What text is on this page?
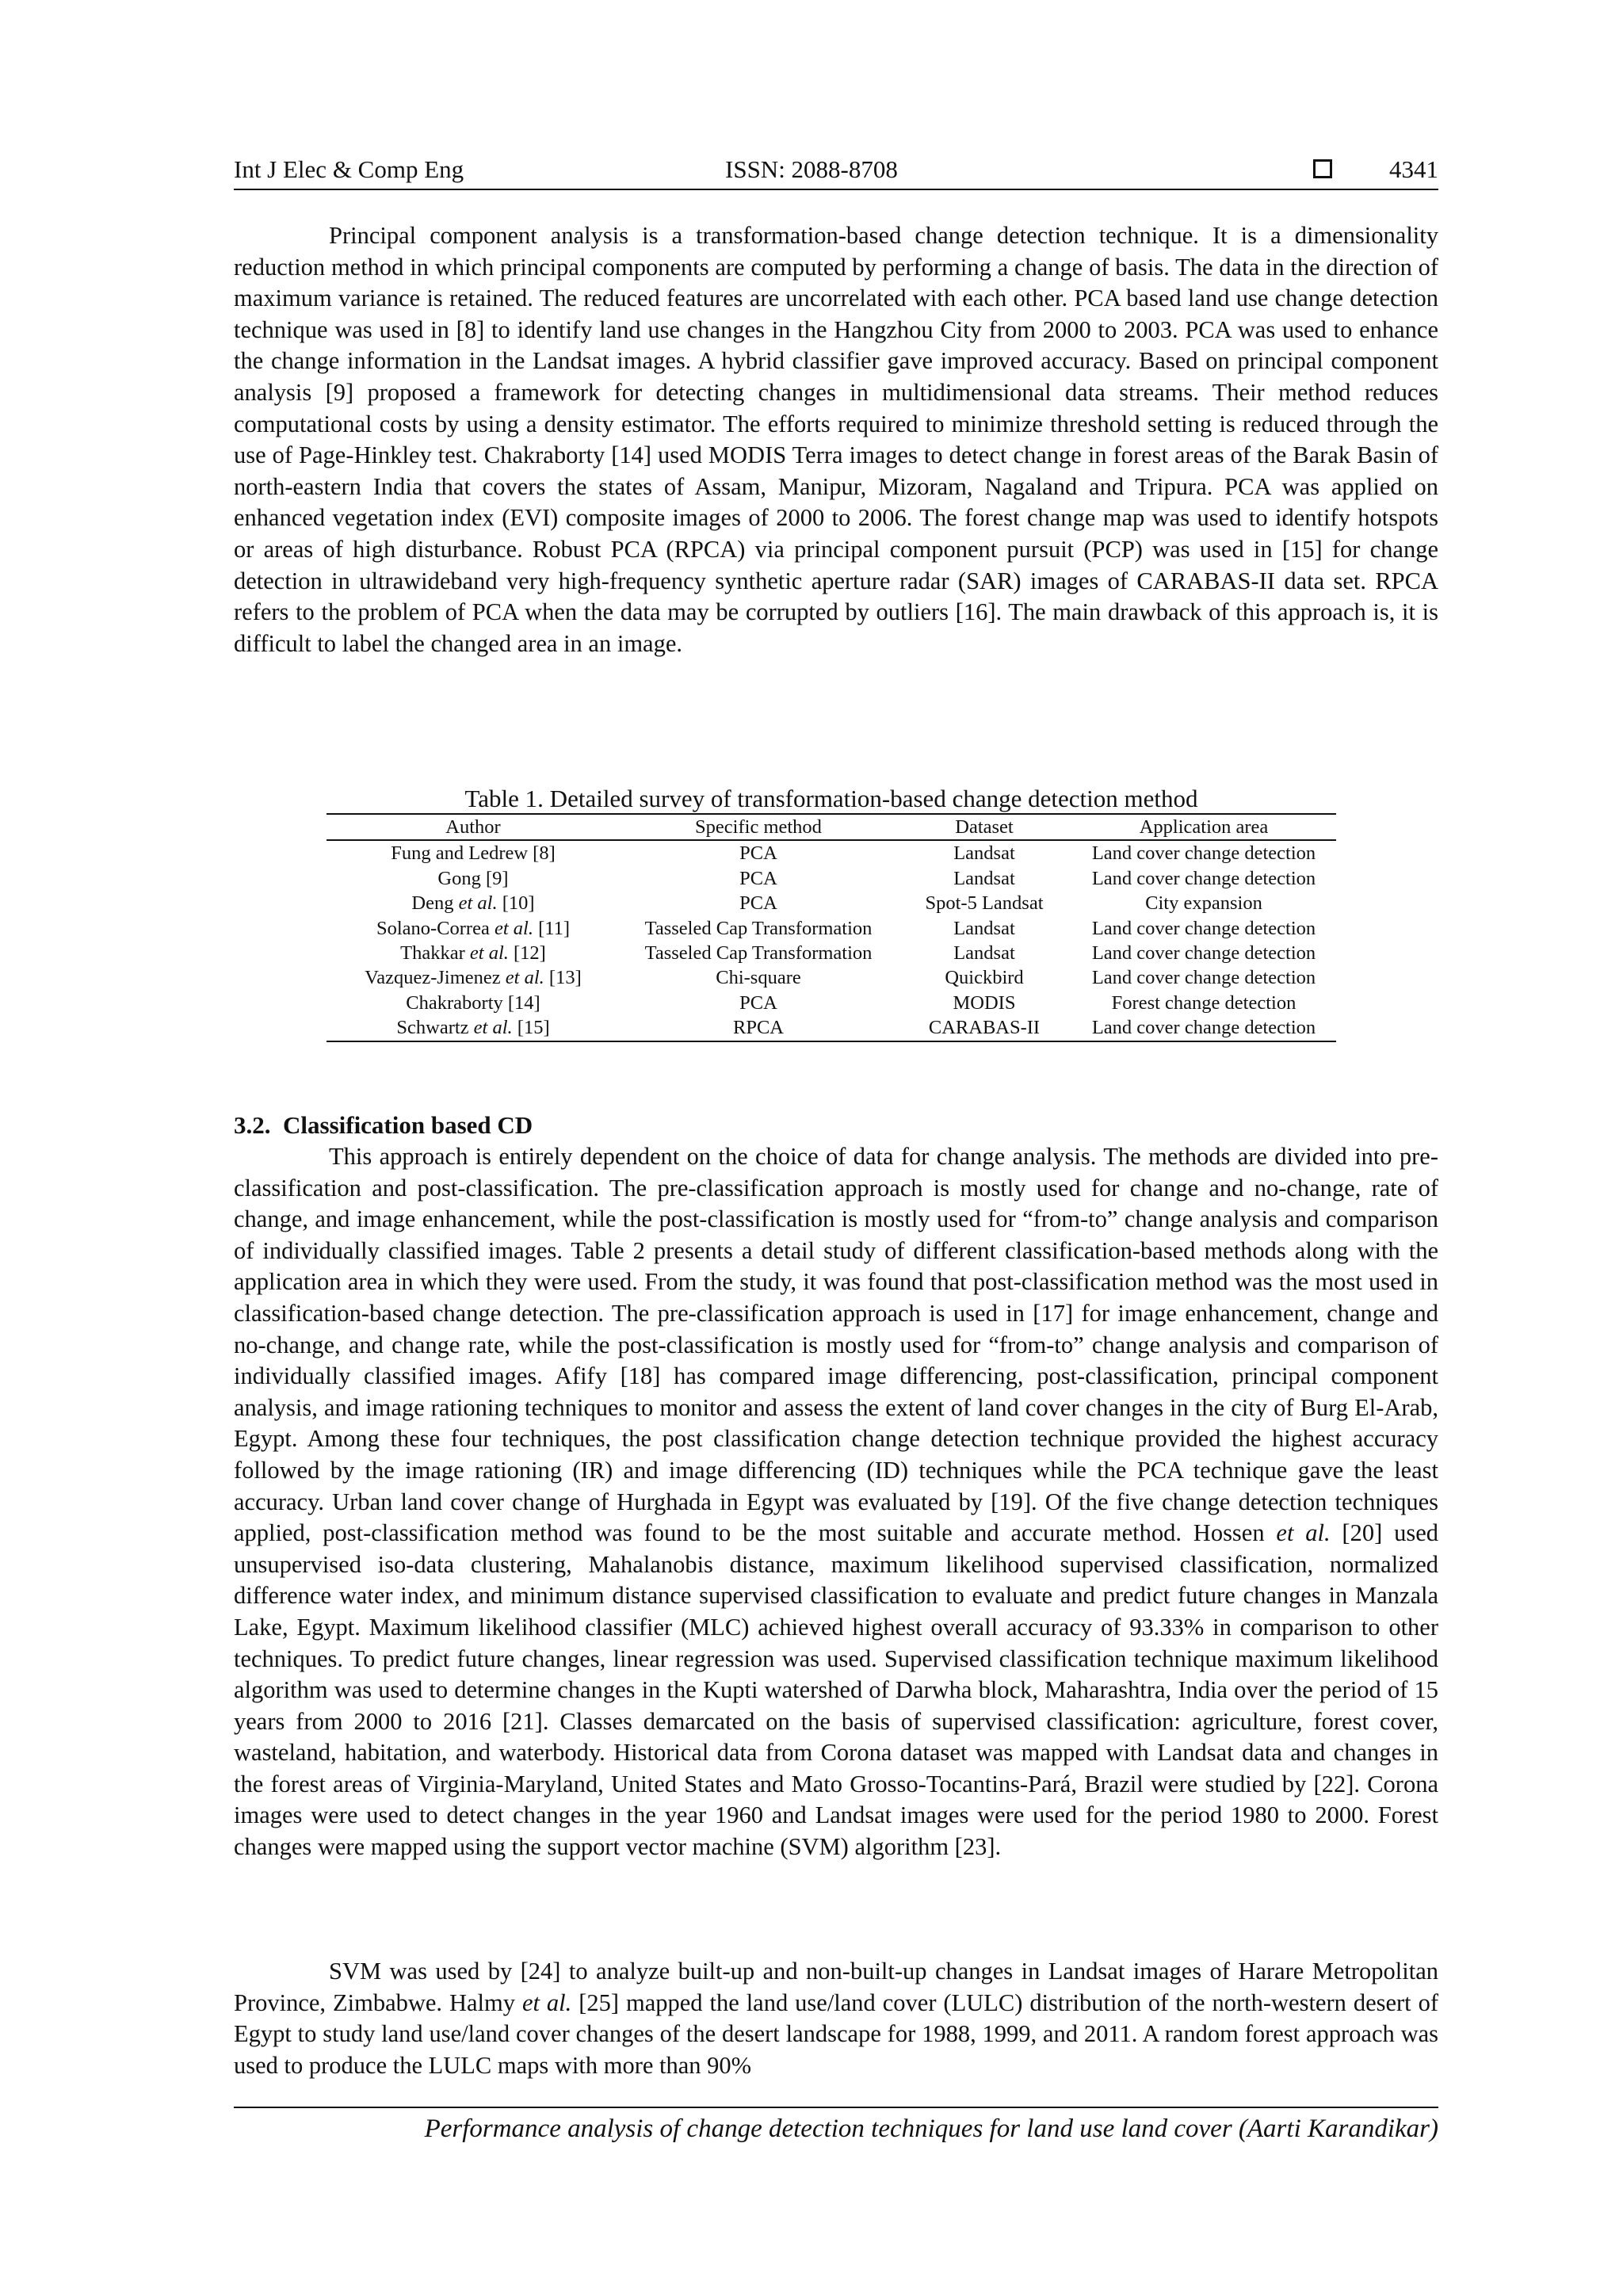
Int J Elec & Comp Eng	ISSN: 2088-8708	4341

Principal component analysis is a transformation-based change detection technique. It is a dimensionality reduction method in which principal components are computed by performing a change of basis. The data in the direction of maximum variance is retained. The reduced features are uncorrelated with each other. PCA based land use change detection technique was used in [8] to identify land use changes in the Hangzhou City from 2000 to 2003. PCA was used to enhance the change information in the Landsat images. A hybrid classifier gave improved accuracy. Based on principal component analysis [9] proposed a framework for detecting changes in multidimensional data streams. Their method reduces computational costs by using a density estimator. The efforts required to minimize threshold setting is reduced through the use of Page-Hinkley test. Chakraborty [14] used MODIS Terra images to detect change in forest areas of the Barak Basin of north-eastern India that covers the states of Assam, Manipur, Mizoram, Nagaland and Tripura. PCA was applied on enhanced vegetation index (EVI) composite images of 2000 to 2006. The forest change map was used to identify hotspots or areas of high disturbance. Robust PCA (RPCA) via principal component pursuit (PCP) was used in [15] for change detection in ultrawideband very high-frequency synthetic aperture radar (SAR) images of CARABAS-II data set. RPCA refers to the problem of PCA when the data may be corrupted by outliers [16]. The main drawback of this approach is, it is difficult to label the changed area in an image.

Table 1. Detailed survey of transformation-based change detection method
Author	Specific method	Dataset	Application area
Fung and Ledrew [8]	PCA	Landsat	Land cover change detection
Gong [9]	PCA	Landsat	Land cover change detection
Deng et al. [10]	PCA	Spot-5 Landsat	City expansion
Solano-Correa et al. [11]	Tasseled Cap Transformation	Landsat	Land cover change detection
Thakkar et al. [12]	Tasseled Cap Transformation	Landsat	Land cover change detection
Vazquez-Jimenez et al. [13]	Chi-square	Quickbird	Land cover change detection
Chakraborty [14]	PCA	MODIS	Forest change detection
Schwartz et al. [15]	RPCA	CARABAS-II	Land cover change detection
3.2. Classification based CD

This approach is entirely dependent on the choice of data for change analysis. The methods are divided into pre-classification and post-classification. The pre-classification approach is mostly used for change and no-change, rate of change, and image enhancement, while the post-classification is mostly used for “from-to” change analysis and comparison of individually classified images. Table 2 presents a detail study of different classification-based methods along with the application area in which they were used. From the study, it was found that post-classification method was the most used in classification-based change detection. The pre-classification approach is used in [17] for image enhancement, change and no-change, and change rate, while the post-classification is mostly used for “from-to” change analysis and comparison of individually classified images. Afify [18] has compared image differencing, post-classification, principal component analysis, and image rationing techniques to monitor and assess the extent of land cover changes in the city of Burg El-Arab, Egypt. Among these four techniques, the post classification change detection technique provided the highest accuracy followed by the image rationing (IR) and image differencing (ID) techniques while the PCA technique gave the least accuracy. Urban land cover change of Hurghada in Egypt was evaluated by [19]. Of the five change detection techniques applied, post-classification method was found to be the most suitable and accurate method. Hossen et al. [20] used unsupervised iso-data clustering, Mahalanobis distance, maximum likelihood supervised classification, normalized difference water index, and minimum distance supervised classification to evaluate and predict future changes in Manzala Lake, Egypt. Maximum likelihood classifier (MLC) achieved highest overall accuracy of 93.33% in comparison to other techniques. To predict future changes, linear regression was used. Supervised classification technique maximum likelihood algorithm was used to determine changes in the Kupti watershed of Darwha block, Maharashtra, India over the period of 15 years from 2000 to 2016 [21]. Classes demarcated on the basis of supervised classification: agriculture, forest cover, wasteland, habitation, and waterbody. Historical data from Corona dataset was mapped with Landsat data and changes in the forest areas of Virginia-Maryland, United States and Mato Grosso-Tocantins-Pará, Brazil were studied by [22]. Corona images were used to detect changes in the year 1960 and Landsat images were used for the period 1980 to 2000. Forest changes were mapped using the support vector machine (SVM) algorithm [23].

SVM was used by [24] to analyze built-up and non-built-up changes in Landsat images of Harare Metropolitan Province, Zimbabwe. Halmy et al. [25] mapped the land use/land cover (LULC) distribution of the north-western desert of Egypt to study land use/land cover changes of the desert landscape for 1988, 1999, and 2011. A random forest approach was used to produce the LULC maps with more than 90%

Performance analysis of change detection techniques for land use land cover (Aarti Karandikar)
